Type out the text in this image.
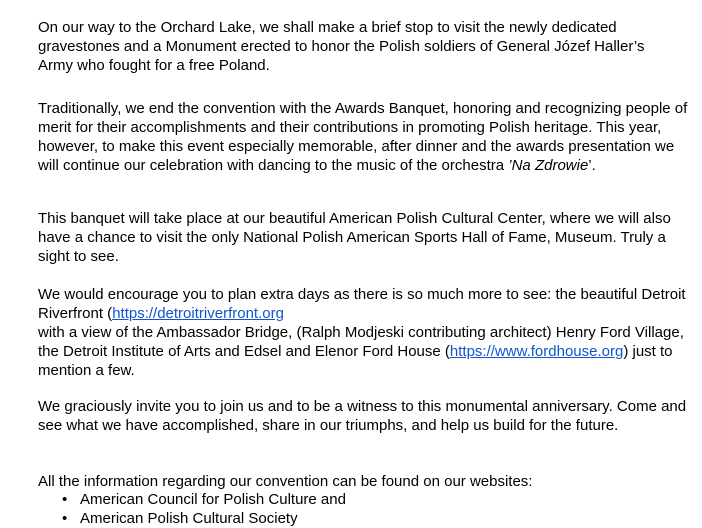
On our way to the Orchard Lake, we shall make a brief stop to visit the newly dedicated gravestones and a Monument erected to honor the Polish soldiers of General Józef Haller’s Army who fought for a free Poland.

Traditionally, we end the convention with the Awards Banquet, honoring and recognizing people of merit for their accomplishments and their contributions in promoting Polish heritage. This year, however, to make this event especially memorable, after dinner and the awards presentation we will continue our celebration with dancing to the music of the orchestra ’Na Zdrowie’.

This banquet will take place at our beautiful American Polish Cultural Center, where we will also have a chance to visit the only National Polish American Sports Hall of Fame, Museum. Truly a sight to see.

We would encourage you to plan extra days as there is so much more to see: the beautiful Detroit Riverfront (https://detroitriverfront.org
with a view of the Ambassador Bridge, (Ralph Modjeski contributing architect) Henry Ford Village, the Detroit Institute of Arts and Edsel and Elenor Ford House (https://www.fordhouse.org) just to mention a few.

We graciously invite you to join us and to be a witness to this monumental anniversary. Come and see what we have accomplished, share in our triumphs, and help us build for the future.

All the information regarding our convention can be found on our websites:

• American Council for Polish Culture and
• American Polish Cultural Society
